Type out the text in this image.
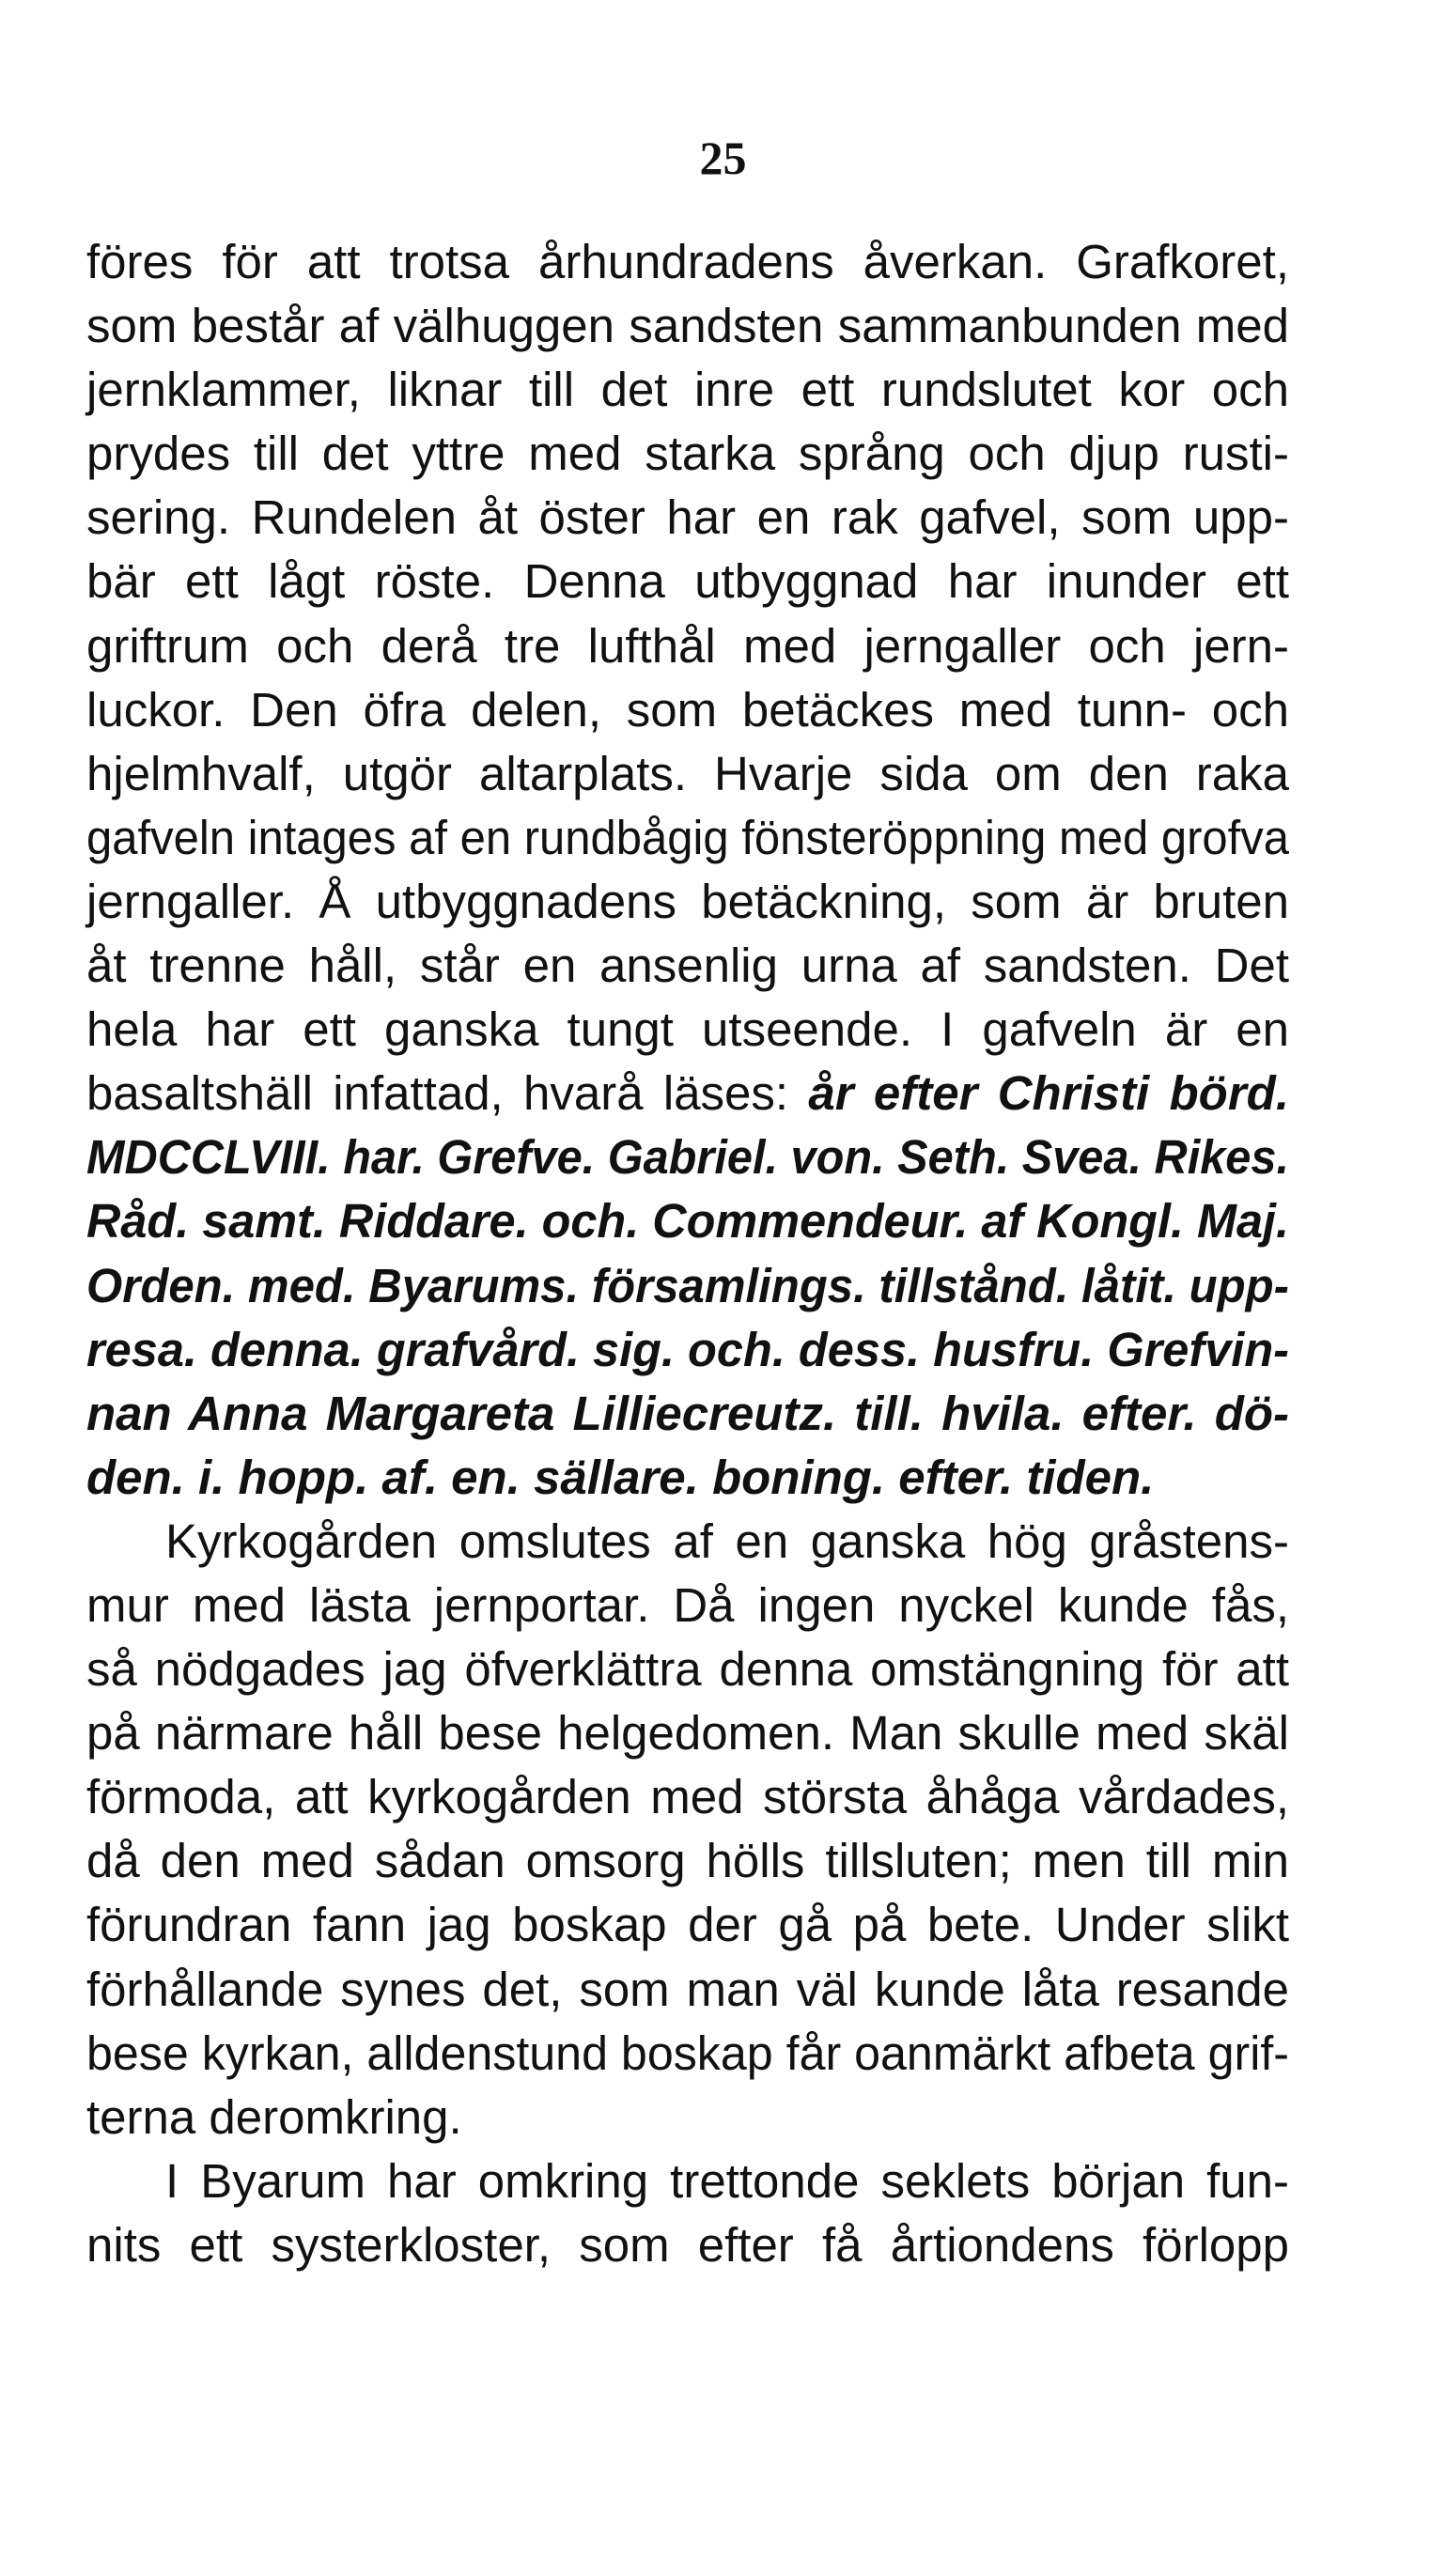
25
föres för att trotsa århundradens åverkan. Grafkoret,
som består af välhuggen sandsten sammanbunden med
jernklammer, liknar till det inre ett rundslutet kor och
prydes till det yttre med starka språng och djup rusti-
sering. Rundelen åt öster har en rak gafvel, som upp-
bär ett lågt röste. Denna utbyggnad har inunder ett
griftrum och derå tre lufthål med jerngaller och jern-
luckor. Den öfra delen, som betäckes med tunn- och
hjelmhvalf, utgör altarplats. Hvarje sida om den raka
gafveln intages af en rundbågig fönsteröppning med grofva
jerngaller. Å utbyggnadens betäckning, som är bruten
åt trenne håll, står en ansenlig urna af sandsten. Det
hela har ett ganska tungt utseende. I gafveln är en
basaltshäll infattad, hvarå läses: år efter Christi börd.
MDCCLVIII. har. Grefve. Gabriel. von. Seth. Svea. Rikes.
Råd. samt. Riddare. och. Commendeur. af Kongl. Maj.
Orden. med. Byarums. församlings. tillstånd. låtit. upp-
resa. denna. grafvård. sig. och. dess. husfru. Grefvin-
nan Anna Margareta Lilliecreutz. till. hvila. efter. dö-
den. i. hopp. af. en. sällare. boning. efter. tiden.
Kyrkogården omslutes af en ganska hög gråstens-
mur med lästa jernportar. Då ingen nyckel kunde fås,
så nödgades jag öfverklättra denna omstängning för att
på närmare håll bese helgedomen. Man skulle med skäl
förmoda, att kyrkogården med största åhåga vårdades,
då den med sådan omsorg hölls tillsluten; men till min
förundran fann jag boskap der gå på bete. Under slikt
förhållande synes det, som man väl kunde låta resande
bese kyrkan, alldenstund boskap får oanmärkt afbeta grif-
terna deromkring.
I Byarum har omkring trettonde seklets början fun-
nits ett systerkloster, som efter få årtiondens förlopp
